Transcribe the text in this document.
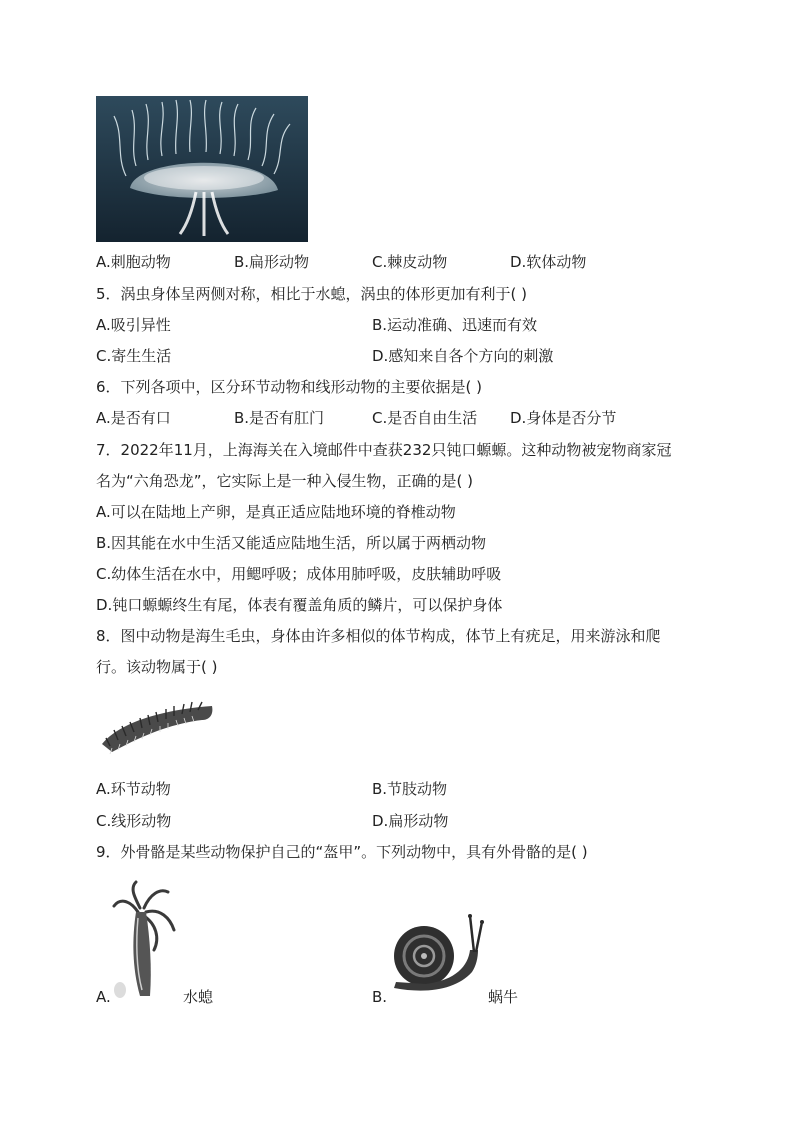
A.刺胞动物	B.扁形动物	C.棘皮动物	D.软体动物
5．涡虫身体呈两侧对称，相比于水螅，涡虫的体形更加有利于( )
A.吸引异性	B.运动准确、迅速而有效
C.寄生生活	D.感知来自各个方向的刺激
6．下列各项中，区分环节动物和线形动物的主要依据是( )
A.是否有口	B.是否有肛门	C.是否自由生活 D.身体是否分节
7．2022年11月，上海海关在入境邮件中查获232只钝口螈螈。这种动物被宠物商家冠
名为“六角恐龙”，它实际上是一种入侵生物，正确的是( )
A.可以在陆地上产卵，是真正适应陆地环境的脊椎动物
B.因其能在水中生活又能适应陆地生活，所以属于两栖动物
C.幼体生活在水中，用鳃呼吸；成体用肺呼吸，皮肤辅助呼吸
D.钝口螈螈终生有尾，体表有覆盖角质的鳞片，可以保护身体
8．图中动物是海生毛虫，身体由许多相似的体节构成，体节上有疣足，用来游泳和爬
行。该动物属于( )
A.环节动物	B.节肢动物
C.线形动物	D.扁形动物
9．外骨骼是某些动物保护自己的“盔甲”。下列动物中，具有外骨骼的是( )
A.	水螅	B.	蜗牛
